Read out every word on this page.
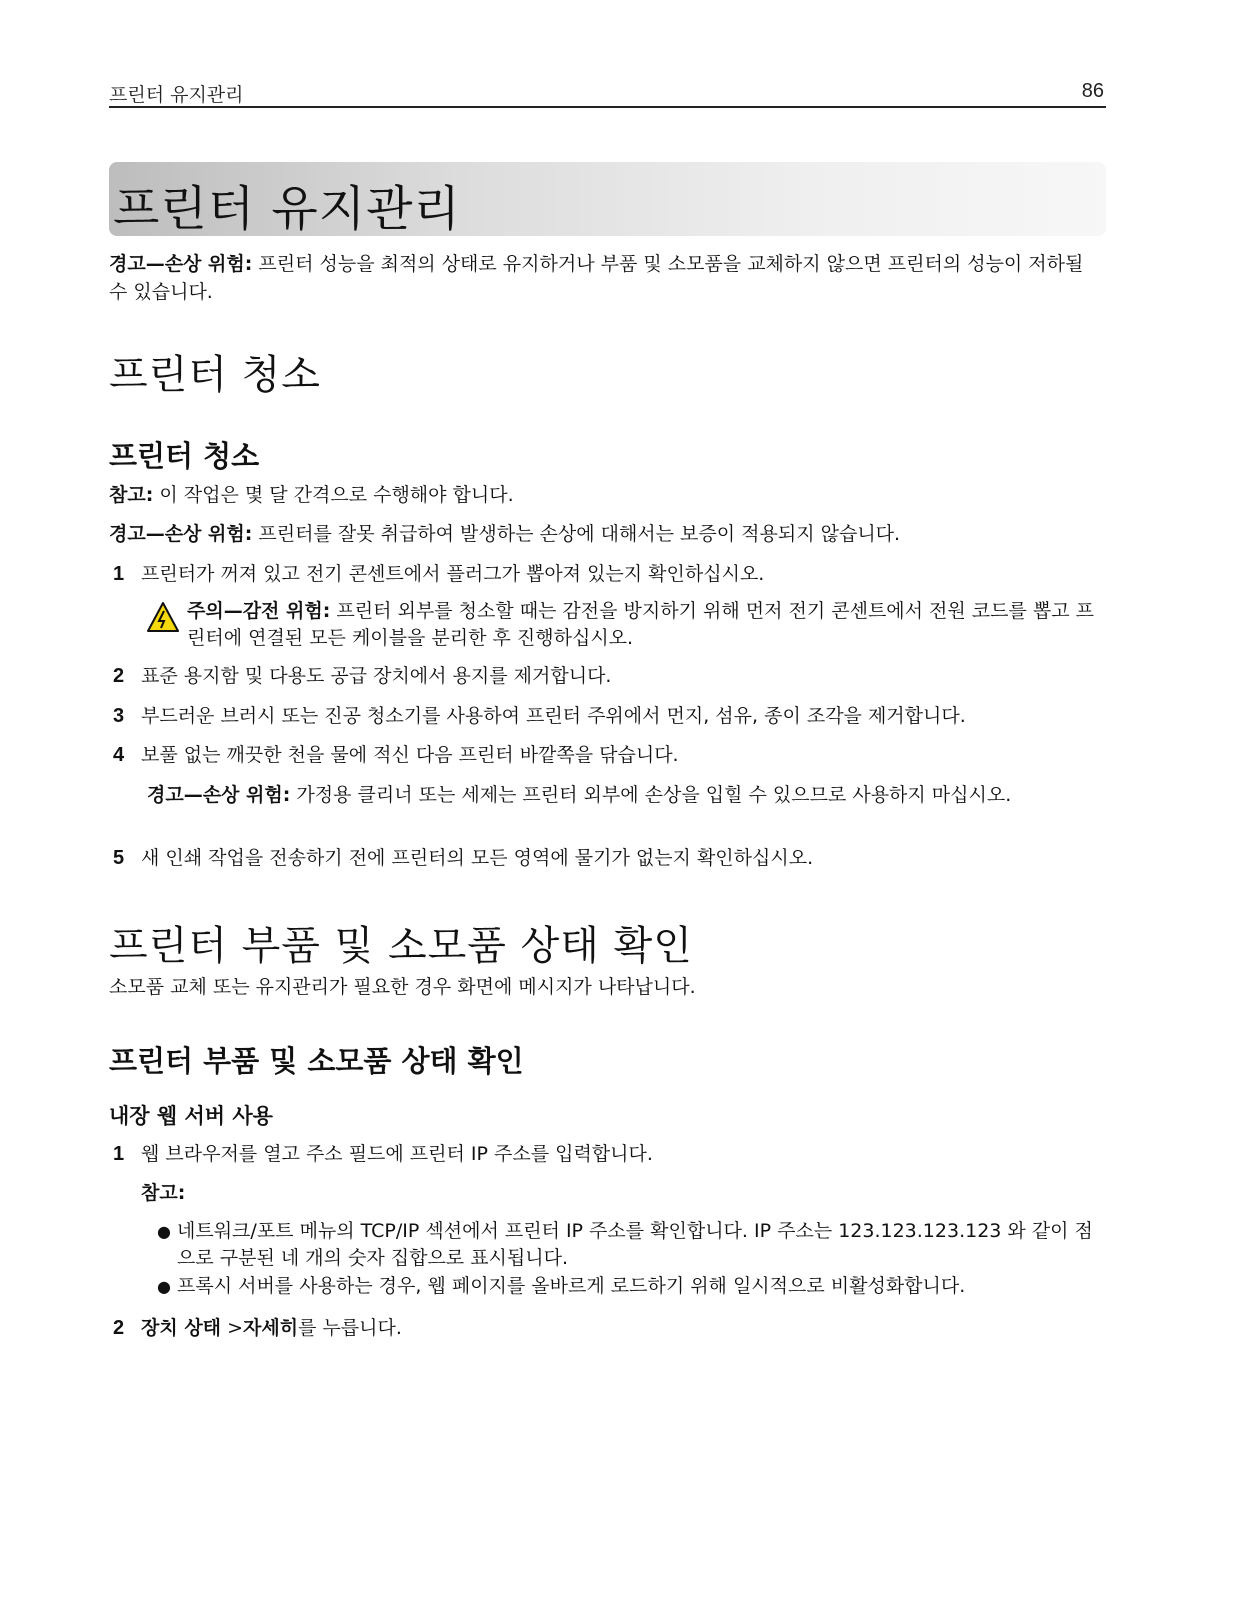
프린터 유지관리	86
프린터 유지관리
경고—손상 위험: 프린터 성능을 최적의 상태로 유지하거나 부품 및 소모품을 교체하지 않으면 프린터의 성능이 저하될 수 있습니다.
프린터 청소
프린터 청소
참고: 이 작업은 몇 달 간격으로 수행해야 합니다.
경고—손상 위험: 프린터를 잘못 취급하여 발생하는 손상에 대해서는 보증이 적용되지 않습니다.
1 프린터가 꺼져 있고 전기 콘센트에서 플러그가 뽑아져 있는지 확인하십시오.
주의—감전 위험: 프린터 외부를 청소할 때는 감전을 방지하기 위해 먼저 전기 콘센트에서 전원 코드를 뽑고 프린터에 연결된 모든 케이블을 분리한 후 진행하십시오.
2 표준 용지함 및 다용도 공급 장치에서 용지를 제거합니다.
3 부드러운 브러시 또는 진공 청소기를 사용하여 프린터 주위에서 먼지, 섬유, 종이 조각을 제거합니다.
4 보풀 없는 깨끗한 천을 물에 적신 다음 프린터 바깥쪽을 닦습니다.
경고—손상 위험: 가정용 클리너 또는 세제는 프린터 외부에 손상을 입힐 수 있으므로 사용하지 마십시오.
5 새 인쇄 작업을 전송하기 전에 프린터의 모든 영역에 물기가 없는지 확인하십시오.
프린터 부품 및 소모품 상태 확인
소모품 교체 또는 유지관리가 필요한 경우 화면에 메시지가 나타납니다.
프린터 부품 및 소모품 상태 확인
내장 웹 서버 사용
1 웹 브라우저를 열고 주소 필드에 프린터 IP 주소를 입력합니다.
참고:
● 네트워크/포트 메뉴의 TCP/IP 섹션에서 프린터 IP 주소를 확인합니다. IP 주소는 123.123.123.123 와 같이 점으로 구분된 네 개의 숫자 집합으로 표시됩니다.
● 프록시 서버를 사용하는 경우, 웹 페이지를 올바르게 로드하기 위해 일시적으로 비활성화합니다.
2 장치 상태 >자세히를 누릅니다.
